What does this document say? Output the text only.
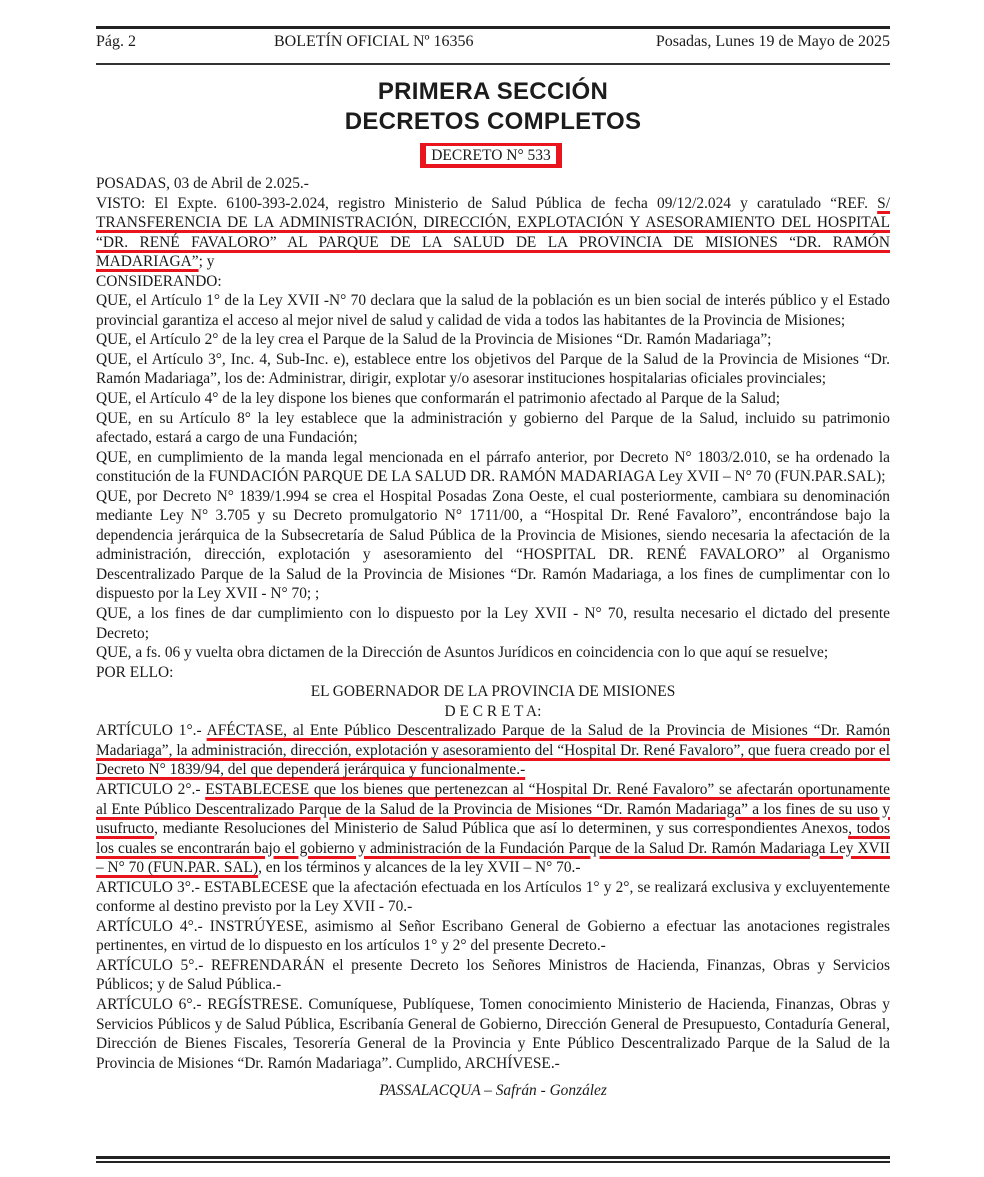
Pág. 2	BOLETÍN OFICIAL Nº 16356	Posadas, Lunes 19 de Mayo de 2025
PRIMERA SECCIÓN
DECRETOS COMPLETOS
DECRETO N° 533

POSADAS, 03 de Abril de 2.025.-

VISTO: El Expte. 6100-393-2.024, registro Ministerio de Salud Pública de fecha 09/12/2.024 y caratulado “REF. S/ TRANSFERENCIA DE LA ADMINISTRACIÓN, DIRECCIÓN, EXPLOTACIÓN Y ASESORAMIENTO DEL HOSPITAL “DR. RENÉ FAVALORO” AL PARQUE DE LA SALUD DE LA PROVINCIA DE MISIONES “DR. RAMÓN MADARIAGA”; y

CONSIDERANDO:

QUE, el Artículo 1° de la Ley XVII -N° 70 declara que la salud de la población es un bien social de interés público y el Estado provincial garantiza el acceso al mejor nivel de salud y calidad de vida a todos las habitantes de la Provincia de Misiones;

QUE, el Artículo 2° de la ley crea el Parque de la Salud de la Provincia de Misiones “Dr. Ramón Madariaga”;

QUE, el Artículo 3°, Inc. 4, Sub-Inc. e), establece entre los objetivos del Parque de la Salud de la Provincia de Misiones “Dr. Ramón Madariaga”, los de: Administrar, dirigir, explotar y/o asesorar instituciones hospitalarias oficiales provinciales;

QUE, el Artículo 4° de la ley dispone los bienes que conformarán el patrimonio afectado al Parque de la Salud;

QUE, en su Artículo 8° la ley establece que la administración y gobierno del Parque de la Salud, incluido su patrimonio afectado, estará a cargo de una Fundación;

QUE, en cumplimiento de la manda legal mencionada en el párrafo anterior, por Decreto N° 1803/2.010, se ha ordenado la constitución de la FUNDACIÓN PARQUE DE LA SALUD DR. RAMÓN MADARIAGA Ley XVII – N° 70 (FUN.PAR.SAL);

QUE, por Decreto N° 1839/1.994 se crea el Hospital Posadas Zona Oeste, el cual posteriormente, cambiara su denominación mediante Ley N° 3.705 y su Decreto promulgatorio N° 1711/00, a “Hospital Dr. René Favaloro”, encontrándose bajo la dependencia jerárquica de la Subsecretaría de Salud Pública de la Provincia de Misiones, siendo necesaria la afectación de la administración, dirección, explotación y asesoramiento del “HOSPITAL DR. RENÉ FAVALORO” al Organismo Descentralizado Parque de la Salud de la Provincia de Misiones “Dr. Ramón Madariaga, a los fines de cumplimentar con lo dispuesto por la Ley XVII - N° 70; ;

QUE, a los fines de dar cumplimiento con lo dispuesto por la Ley XVII - N° 70, resulta necesario el dictado del presente Decreto;

QUE, a fs. 06 y vuelta obra dictamen de la Dirección de Asuntos Jurídicos en coincidencia con lo que aquí se resuelve;

POR ELLO:

EL GOBERNADOR DE LA PROVINCIA DE MISIONES

D E C R E T A:

ARTÍCULO 1°.- AFÉCTASE, al Ente Público Descentralizado Parque de la Salud de la Provincia de Misiones “Dr. Ramón Madariaga”, la administración, dirección, explotación y asesoramiento del “Hospital Dr. René Favaloro”, que fuera creado por el Decreto N° 1839/94, del que dependerá jerárquica y funcionalmente.-

ARTICULO 2°.- ESTABLECESE que los bienes que pertenezcan al “Hospital Dr. René Favaloro” se afectarán oportunamente al Ente Público Descentralizado Parque de la Salud de la Provincia de Misiones “Dr. Ramón Madariaga” a los fines de su uso y usufructo, mediante Resoluciones del Ministerio de Salud Pública que así lo determinen, y sus correspondientes Anexos, todos los cuales se encontrarán bajo el gobierno y administración de la Fundación Parque de la Salud Dr. Ramón Madariaga Ley XVII – N° 70 (FUN.PAR. SAL), en los términos y alcances de la ley XVII – N° 70.-

ARTICULO 3°.- ESTABLECESE que la afectación efectuada en los Artículos 1° y 2°, se realizará exclusiva y excluyentemente conforme al destino previsto por la Ley XVII - 70.-

ARTÍCULO 4°.- INSTRÚYESE, asimismo al Señor Escribano General de Gobierno a efectuar las anotaciones registrales pertinentes, en virtud de lo dispuesto en los artículos 1° y 2° del presente Decreto.-

ARTÍCULO 5°.- REFRENDARÁN el presente Decreto los Señores Ministros de Hacienda, Finanzas, Obras y Servicios Públicos; y de Salud Pública.-

ARTÍCULO 6°.- REGÍSTRESE. Comuníquese, Publíquese, Tomen conocimiento Ministerio de Hacienda, Finanzas, Obras y Servicios Públicos y de Salud Pública, Escribanía General de Gobierno, Dirección General de Presupuesto, Contaduría General, Dirección de Bienes Fiscales, Tesorería General de la Provincia y Ente Público Descentralizado Parque de la Salud de la Provincia de Misiones “Dr. Ramón Madariaga”. Cumplido, ARCHÍVESE.-

PASSALACQUA – Safrán - González
